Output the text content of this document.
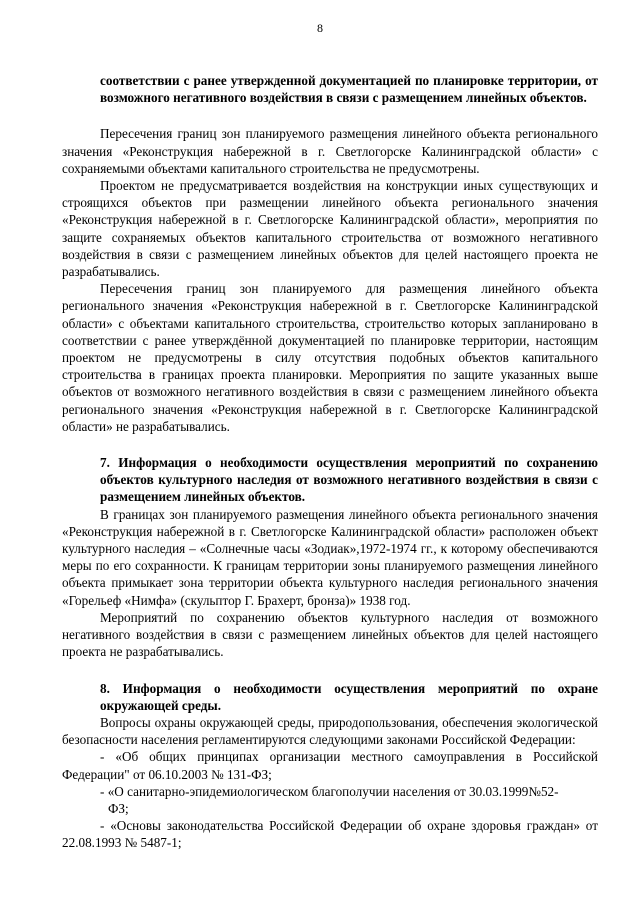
8

соответствии с ранее утвержденной документацией по планировке территории, от возможного негативного воздействия в связи с размещением линейных объектов.

Пересечения границ зон планируемого размещения линейного объекта регионального значения «Реконструкция набережной в г. Светлогорске Калининградской области» с сохраняемыми объектами капитального строительства не предусмотрены.

Проектом не предусматривается воздействия на конструкции иных существующих и строящихся объектов при размещении линейного объекта регионального значения «Реконструкция набережной в г. Светлогорске Калининградской области», мероприятия по защите сохраняемых объектов капитального строительства от возможного негативного воздействия в связи с размещением линейных объектов для целей настоящего проекта не разрабатывались.

Пересечения границ зон планируемого для размещения линейного объекта регионального значения «Реконструкция набережной в г. Светлогорске Калининградской области» с объектами капитального строительства, строительство которых запланировано в соответствии с ранее утверждённой документацией по планировке территории, настоящим проектом не предусмотрены в силу отсутствия подобных объектов капитального строительства в границах проекта планировки. Мероприятия по защите указанных выше объектов от возможного негативного воздействия в связи с размещением линейного объекта регионального значения «Реконструкция набережной в г. Светлогорске Калининградской области» не разрабатывались.

7. Информация о необходимости осуществления мероприятий по сохранению объектов культурного наследия от возможного негативного воздействия в связи с размещением линейных объектов.

В границах зон планируемого размещения линейного объекта регионального значения «Реконструкция набережной в г. Светлогорске Калининградской области» расположен объект культурного наследия – «Солнечные часы «Зодиак»,1972-1974 гг., к которому обеспечиваются меры по его сохранности. К границам территории зоны планируемого размещения линейного объекта примыкает зона территории объекта культурного наследия регионального значения «Горельеф «Нимфа» (скульптор Г. Брахерт, бронза)» 1938 год.

Мероприятий по сохранению объектов культурного наследия от возможного негативного воздействия в связи с размещением линейных объектов для целей настоящего проекта не разрабатывались.

8. Информация о необходимости осуществления мероприятий по охране окружающей среды.

Вопросы охраны окружающей среды, природопользования, обеспечения экологической безопасности населения регламентируются следующими законами Российской Федерации:

- «Об общих принципах организации местного самоуправления в Российской Федерации" от 06.10.2003 № 131-ФЗ;

- «О санитарно-эпидемиологическом благополучии населения от 30.03.1999№52-

ФЗ;

- «Основы законодательства Российской Федерации об охране здоровья граждан» от 22.08.1993 № 5487-1;
